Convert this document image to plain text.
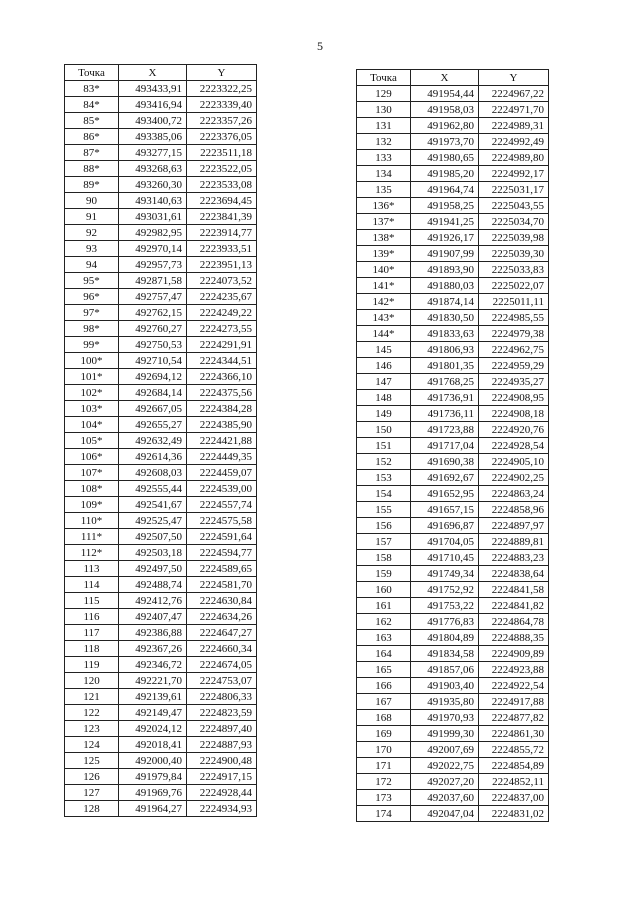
5
Точка	X	Y
83*	493433,91	2223322,25
84*	493416,94	2223339,40
85*	493400,72	2223357,26
86*	493385,06	2223376,05
87*	493277,15	2223511,18
88*	493268,63	2223522,05
89*	493260,30	2223533,08
90	493140,63	2223694,45
91	493031,61	2223841,39
92	492982,95	2223914,77
93	492970,14	2223933,51
94	492957,73	2223951,13
95*	492871,58	2224073,52
96*	492757,47	2224235,67
97*	492762,15	2224249,22
98*	492760,27	2224273,55
99*	492750,53	2224291,91
100*	492710,54	2224344,51
101*	492694,12	2224366,10
102*	492684,14	2224375,56
103*	492667,05	2224384,28
104*	492655,27	2224385,90
105*	492632,49	2224421,88
106*	492614,36	2224449,35
107*	492608,03	2224459,07
108*	492555,44	2224539,00
109*	492541,67	2224557,74
110*	492525,47	2224575,58
111*	492507,50	2224591,64
112*	492503,18	2224594,77
113	492497,50	2224589,65
114	492488,74	2224581,70
115	492412,76	2224630,84
116	492407,47	2224634,26
117	492386,88	2224647,27
118	492367,26	2224660,34
119	492346,72	2224674,05
120	492221,70	2224753,07
121	492139,61	2224806,33
122	492149,47	2224823,59
123	492024,12	2224897,40
124	492018,41	2224887,93
125	492000,40	2224900,48
126	491979,84	2224917,15
127	491969,76	2224928,44
128	491964,27	2224934,93
Точка	X	Y
129	491954,44	2224967,22
130	491958,03	2224971,70
131	491962,80	2224989,31
132	491973,70	2224992,49
133	491980,65	2224989,80
134	491985,20	2224992,17
135	491964,74	2225031,17
136*	491958,25	2225043,55
137*	491941,25	2225034,70
138*	491926,17	2225039,98
139*	491907,99	2225039,30
140*	491893,90	2225033,83
141*	491880,03	2225022,07
142*	491874,14	2225011,11
143*	491830,50	2224985,55
144*	491833,63	2224979,38
145	491806,93	2224962,75
146	491801,35	2224959,29
147	491768,25	2224935,27
148	491736,91	2224908,95
149	491736,11	2224908,18
150	491723,88	2224920,76
151	491717,04	2224928,54
152	491690,38	2224905,10
153	491692,67	2224902,25
154	491652,95	2224863,24
155	491657,15	2224858,96
156	491696,87	2224897,97
157	491704,05	2224889,81
158	491710,45	2224883,23
159	491749,34	2224838,64
160	491752,92	2224841,58
161	491753,22	2224841,82
162	491776,83	2224864,78
163	491804,89	2224888,35
164	491834,58	2224909,89
165	491857,06	2224923,88
166	491903,40	2224922,54
167	491935,80	2224917,88
168	491970,93	2224877,82
169	491999,30	2224861,30
170	492007,69	2224855,72
171	492022,75	2224854,89
172	492027,20	2224852,11
173	492037,60	2224837,00
174	492047,04	2224831,02
